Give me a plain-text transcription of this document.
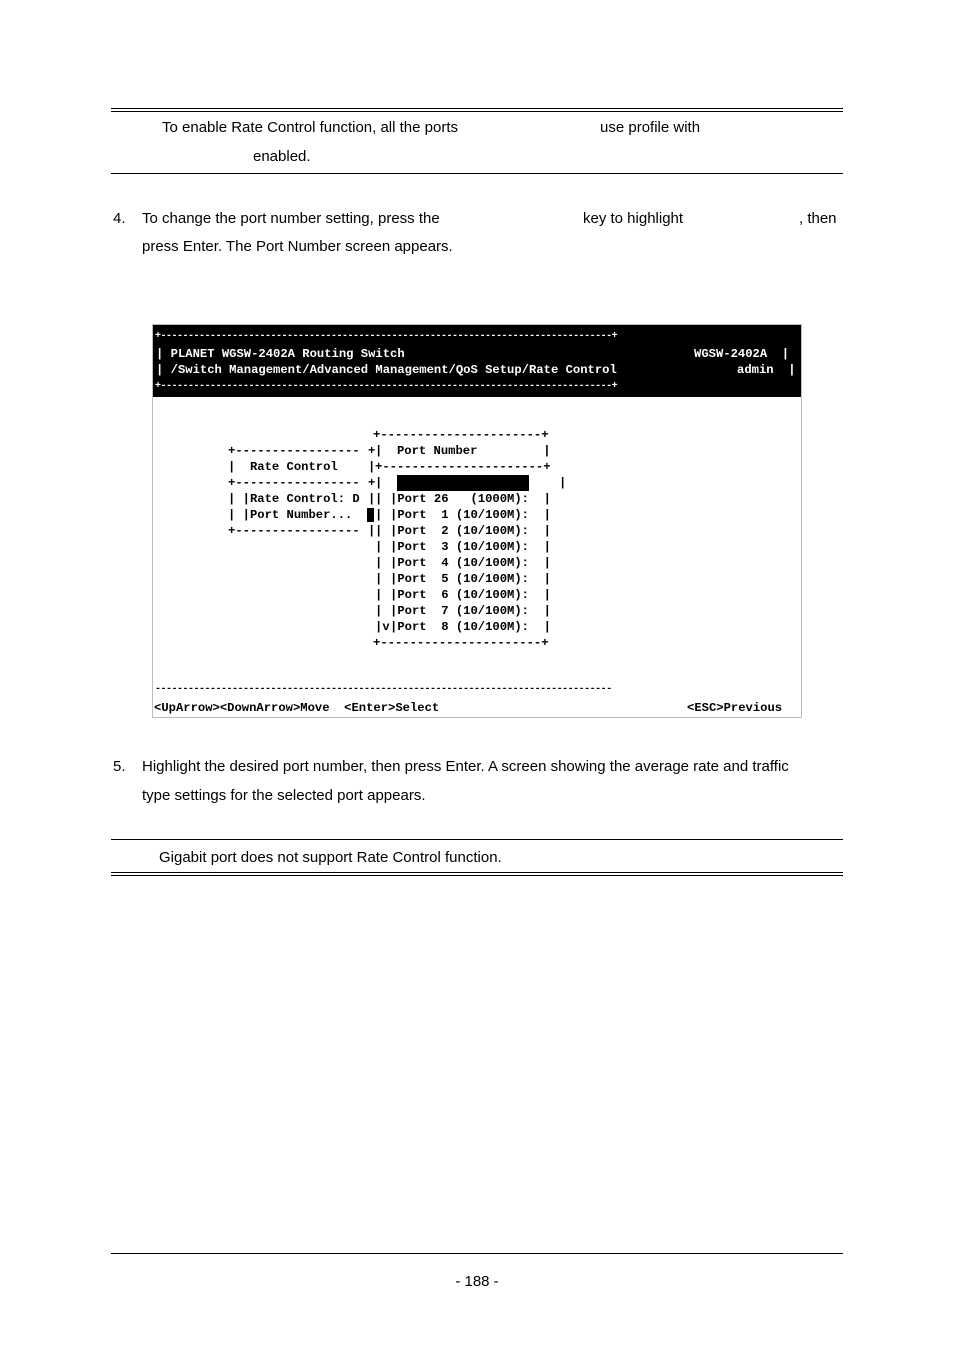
To enable Rate Control function, all the ports	use profile with
enabled.
4. To change the port number setting, press the	key to highlight	, then
press Enter. The Port Number screen appears.
+----------------------------------------------------------------------------------+
| PLANET WGSW-2402A Routing Switch	WGSW-2402A  |
| /Switch Management/Advanced Management/QoS Setup/Rate Control	admin  |
+----------------------------------------------------------------------------------+
+-----------------
|  Rate Control
+-----------------
| |Rate Control: D
| |Port Number...
+-----------------
+
|
+
|
|
|
+----------------------+
|  Port Number         |
+----------------------+
| Port 25   (1000M): |
| |Port 26   (1000M):  |
| |Port  1 (10/100M):  |
| |Port  2 (10/100M):  |
| |Port  3 (10/100M):  |
| |Port  4 (10/100M):  |
| |Port  5 (10/100M):  |
| |Port  6 (10/100M):  |
| |Port  7 (10/100M):  |
|v |Port  8 (10/100M):  |
+----------------------+
-----------------------------------------------------------------------------------
<UpArrow><DownArrow>Move  <Enter>Select	<ESC>Previous
5. Highlight the desired port number, then press Enter. A screen showing the average rate and traffic
type settings for the selected port appears.
Gigabit port does not support Rate Control function.
- 188 -
